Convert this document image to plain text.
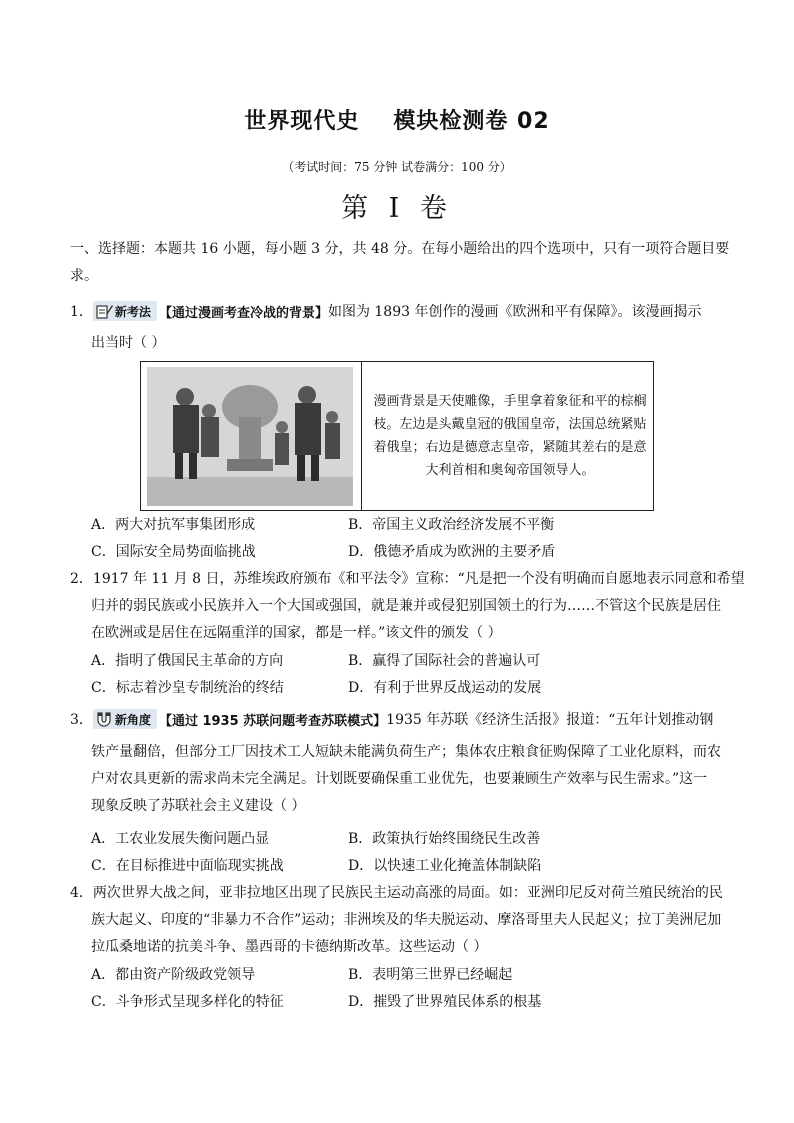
世界现代史 模块检测卷 02
（考试时间：75 分钟 试卷满分：100 分）
第 I 卷
一、选择题：本题共 16 小题，每小题 3 分，共 48 分。在每小题给出的四个选项中，只有一项符合题目要
求。
1． 新考法 【通过漫画考查冷战的背景】 如图为 1893 年创作的漫画《欧洲和平有保障》。该漫画揭示
出当时（ ）
漫画背景是天使雕像，手里拿着象征和平的棕榈枝。左边是头戴皇冠的俄国皇帝，法国总统紧贴着俄皇；右边是德意志皇帝，紧随其差右的是意大利首相和奥匈帝国领导人。
A．两大对抗军事集团形成	B．帝国主义政治经济发展不平衡
C．国际安全局势面临挑战	D．俄德矛盾成为欧洲的主要矛盾
2．1917 年 11 月 8 日，苏维埃政府颁布《和平法令》宣称：“凡是把一个没有明确而自愿地表示同意和希望
归并的弱民族或小民族并入一个大国或强国，就是兼并或侵犯别国领土的行为……不管这个民族是居住
在欧洲或是居住在远隔重洋的国家，都是一样。”该文件的颁发（ ）
A．指明了俄国民主革命的方向	B．赢得了国际社会的普遍认可
C．标志着沙皇专制统治的终结	D．有利于世界反战运动的发展
3． 新角度 【通过 1935 苏联问题考查苏联模式】 1935 年苏联《经济生活报》报道：“五年计划推动钢
铁产量翻倍，但部分工厂因技术工人短缺未能满负荷生产；集体农庄粮食征购保障了工业化原料，而农
户对农具更新的需求尚未完全满足。计划既要确保重工业优先，也要兼顾生产效率与民生需求。”这一
现象反映了苏联社会主义建设（ ）
A．工农业发展失衡问题凸显	B．政策执行始终围绕民生改善
C．在目标推进中面临现实挑战	D．以快速工业化掩盖体制缺陷
4．两次世界大战之间，亚非拉地区出现了民族民主运动高涨的局面。如：亚洲印尼反对荷兰殖民统治的民
族大起义、印度的“非暴力不合作”运动；非洲埃及的华夫脱运动、摩洛哥里夫人民起义；拉丁美洲尼加
拉瓜桑地诺的抗美斗争、墨西哥的卡德纳斯改革。这些运动（ ）
A．都由资产阶级政党领导	B．表明第三世界已经崛起
C．斗争形式呈现多样化的特征	D．摧毁了世界殖民体系的根基
